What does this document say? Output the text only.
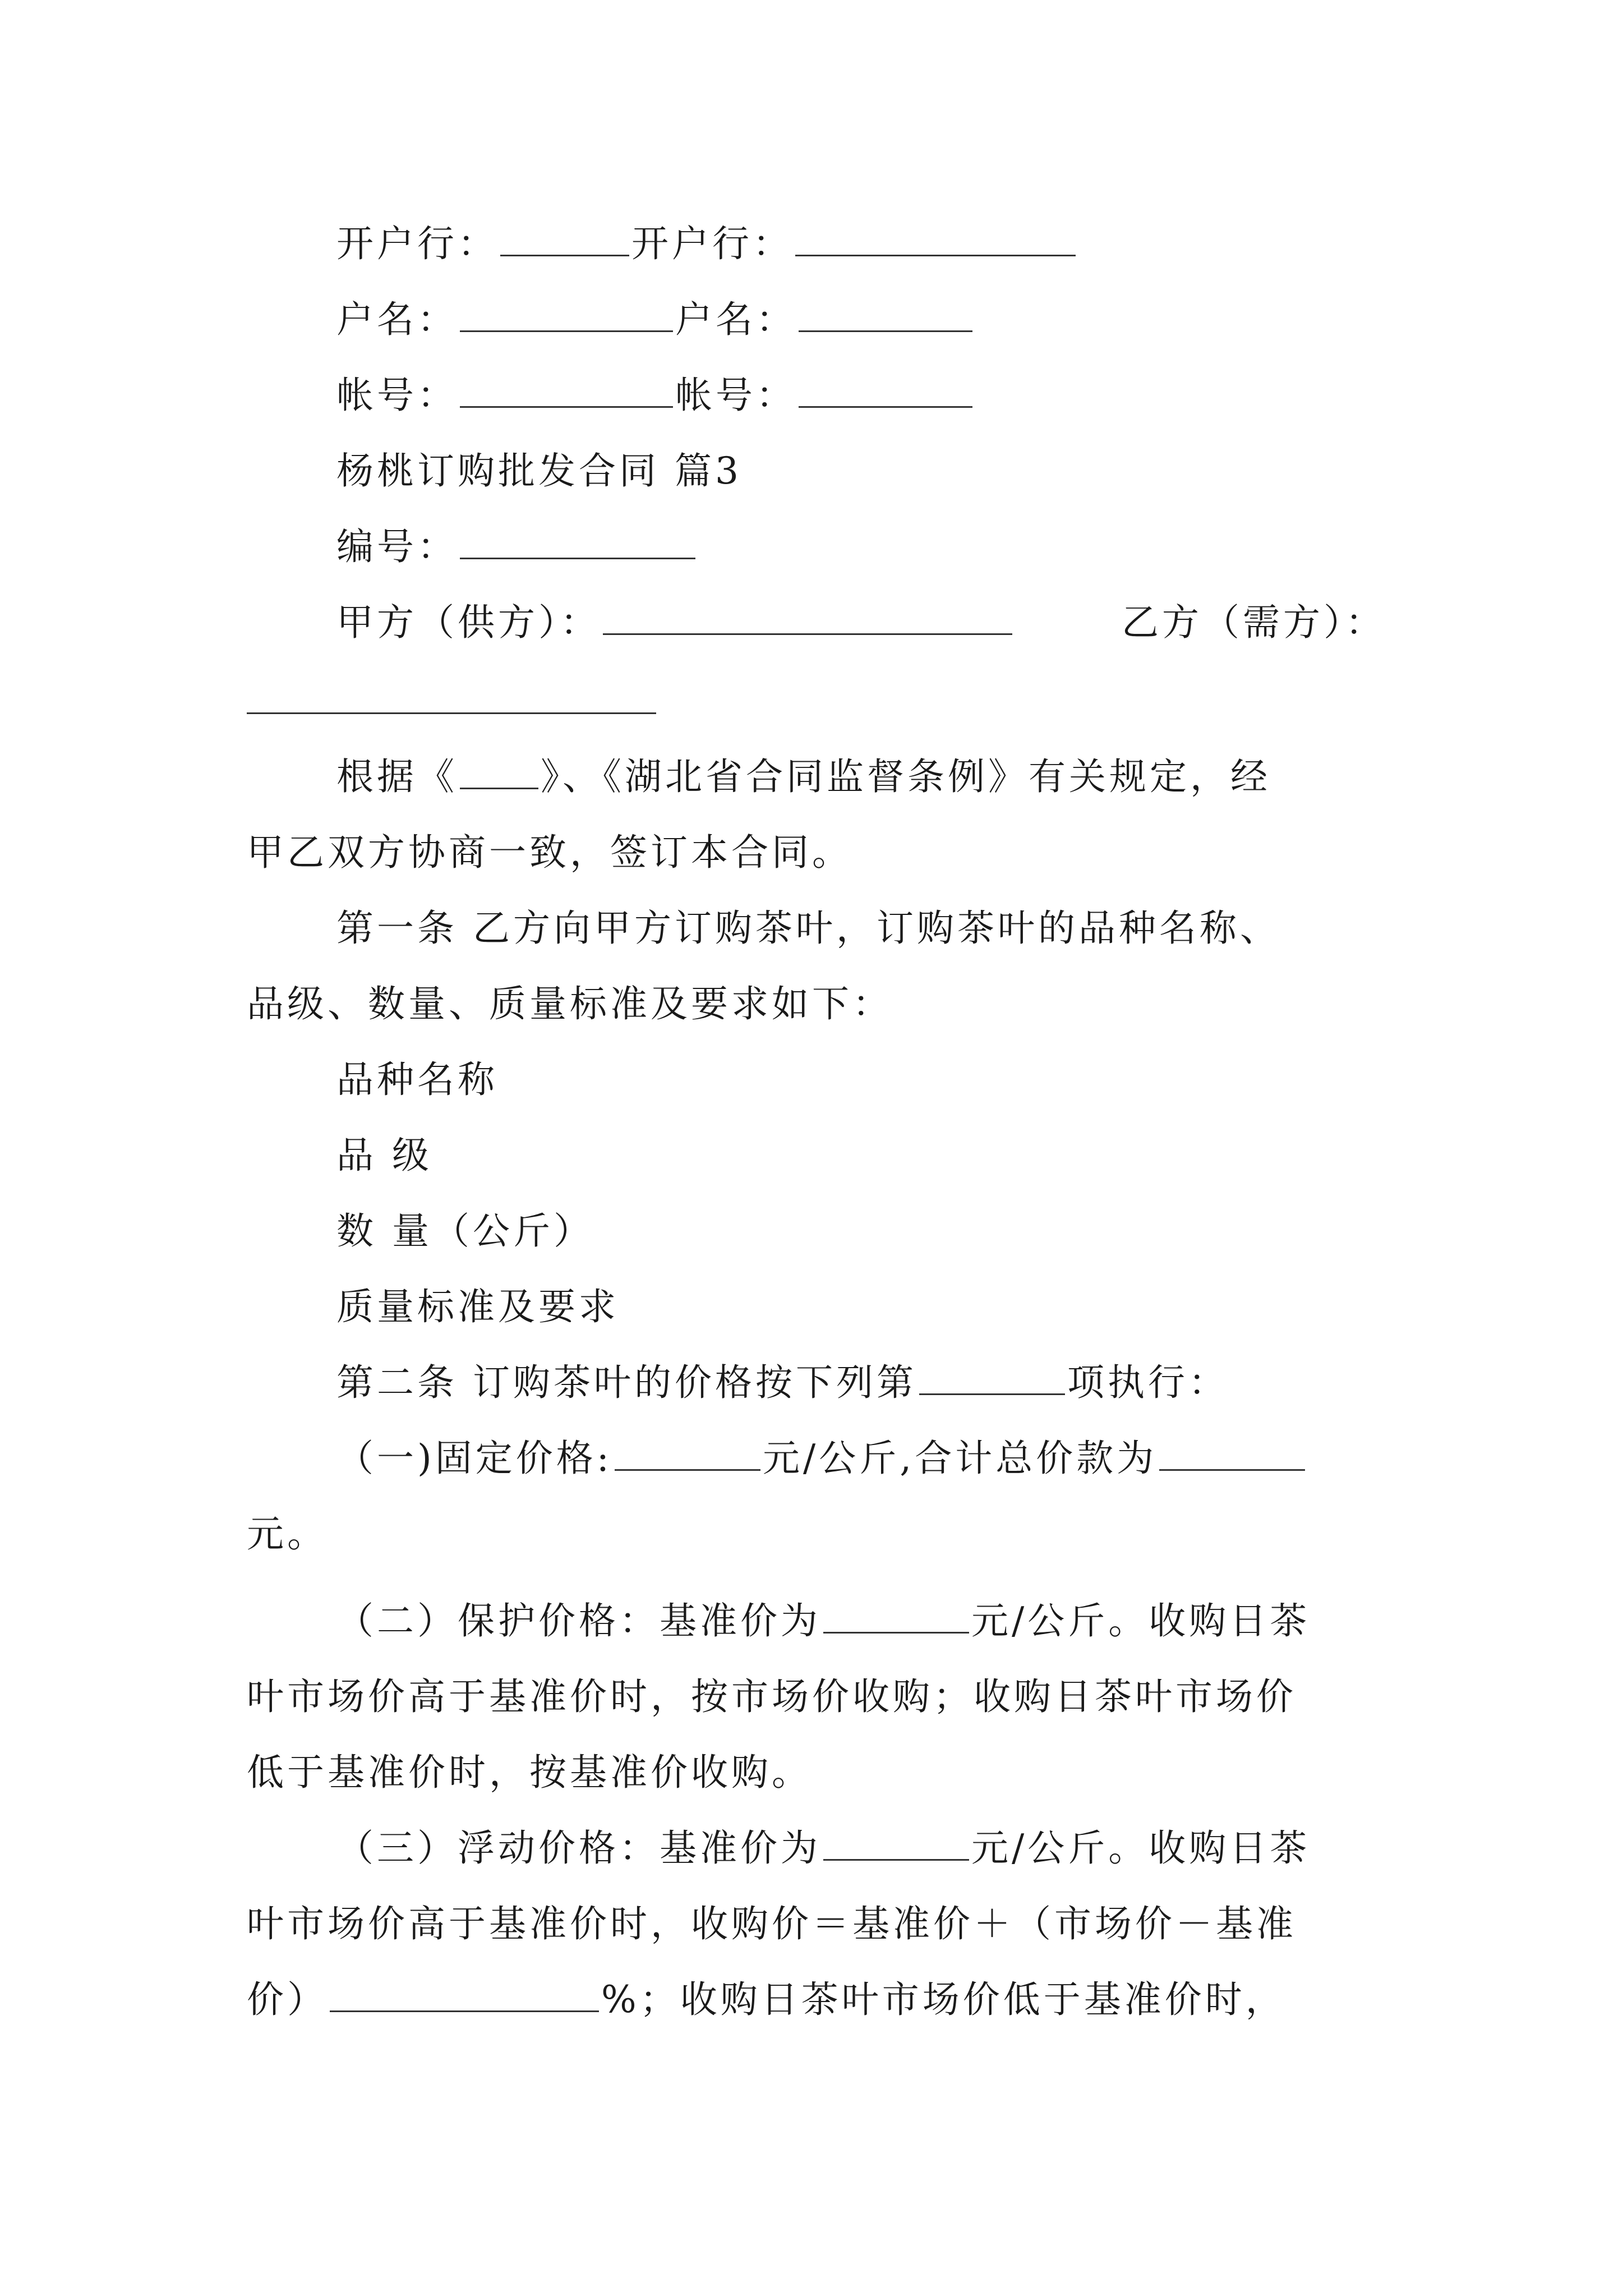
开户行：	开户行：
户名：	户名：
帐号：	帐号：
杨桃订购批发合同 篇3
编号：
甲方（供方）：	乙方（需方）：
根据《 》、《湖北省合同监督条例》有关规定，经
甲乙双方协商一致，签订本合同。
第一条 乙方向甲方订购茶叶，订购茶叶的品种名称、
品级、数量、质量标准及要求如下：
品种名称
品 级
数 量（公斤）
质量标准及要求
第二条 订购茶叶的价格按下列第	项执行：
（一)固定价格:	元/公斤,合计总价款为
元。
（二）保护价格：基准价为	元/公斤。收购日茶
叶市场价高于基准价时，按市场价收购；收购日茶叶市场价
低于基准价时，按基准价收购。
（三）浮动价格：基准价为	元/公斤。收购日茶
叶市场价高于基准价时，收购价＝基准价＋（市场价－基准
价）	%；收购日茶叶市场价低于基准价时，
